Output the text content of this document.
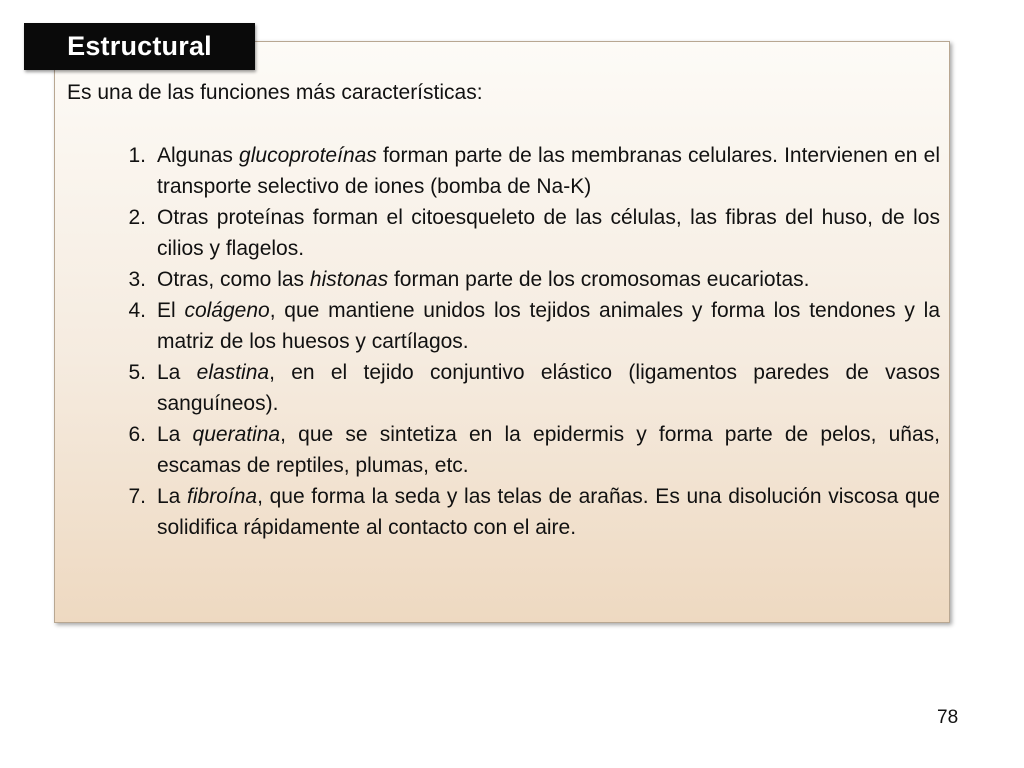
Estructural

Es una de las funciones más características:

1. Algunas glucoproteínas forman parte de las membranas celulares. Intervienen en el transporte selectivo de iones (bomba de Na-K)
2. Otras proteínas forman el citoesqueleto de las células, las fibras del huso, de los cilios y flagelos.
3. Otras, como las histonas forman parte de los cromosomas eucariotas.
4. El colágeno, que mantiene unidos los tejidos animales y forma los tendones y la matriz de los huesos y cartílagos.
5. La elastina, en el tejido conjuntivo elástico (ligamentos paredes de vasos sanguíneos).
6. La queratina, que se sintetiza en la epidermis y forma parte de pelos, uñas, escamas de reptiles, plumas, etc.
7. La fibroína, que forma la seda y las telas de arañas. Es una disolución viscosa que solidifica rápidamente al contacto con el aire.
78
